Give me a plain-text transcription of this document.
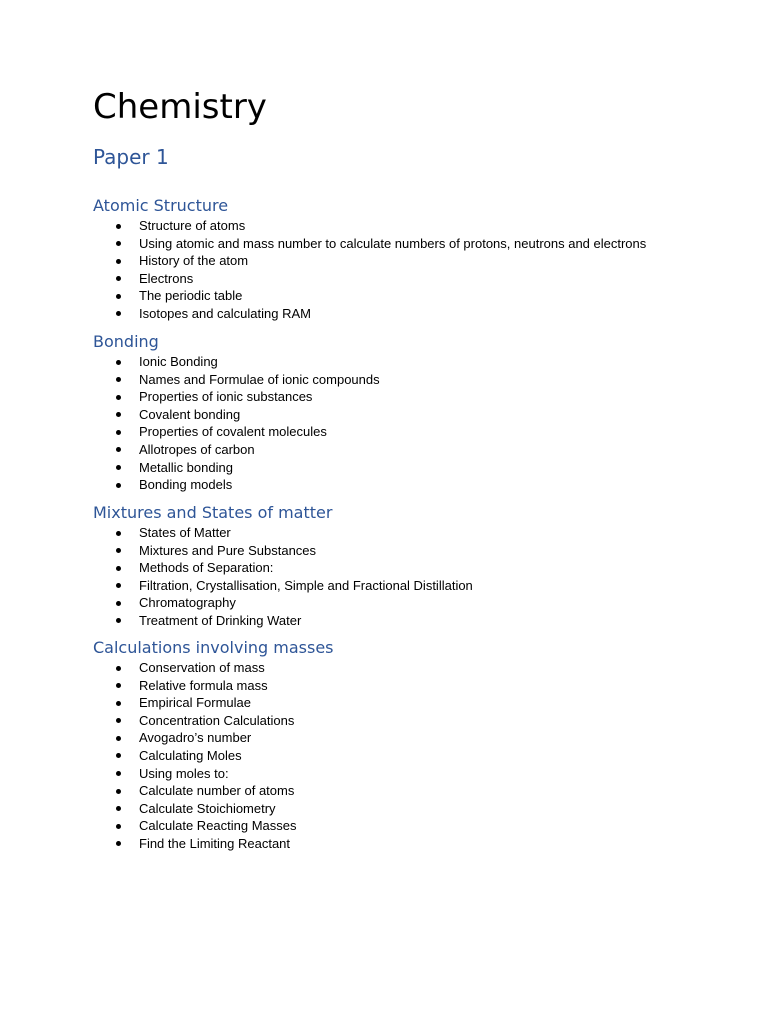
Chemistry
Paper 1
Atomic Structure
Structure of atoms
Using atomic and mass number to calculate numbers of protons, neutrons and electrons
History of the atom
Electrons
The periodic table
Isotopes and calculating RAM
Bonding
Ionic Bonding
Names and Formulae of ionic compounds
Properties of ionic substances
Covalent bonding
Properties of covalent molecules
Allotropes of carbon
Metallic bonding
Bonding models
Mixtures and States of matter
States of Matter
Mixtures and Pure Substances
Methods of Separation:
Filtration, Crystallisation, Simple and Fractional Distillation
Chromatography
Treatment of Drinking Water
Calculations involving masses
Conservation of mass
Relative formula mass
Empirical Formulae
Concentration Calculations
Avogadro’s number
Calculating Moles
Using moles to:
Calculate number of atoms
Calculate Stoichiometry
Calculate Reacting Masses
Find the Limiting Reactant
